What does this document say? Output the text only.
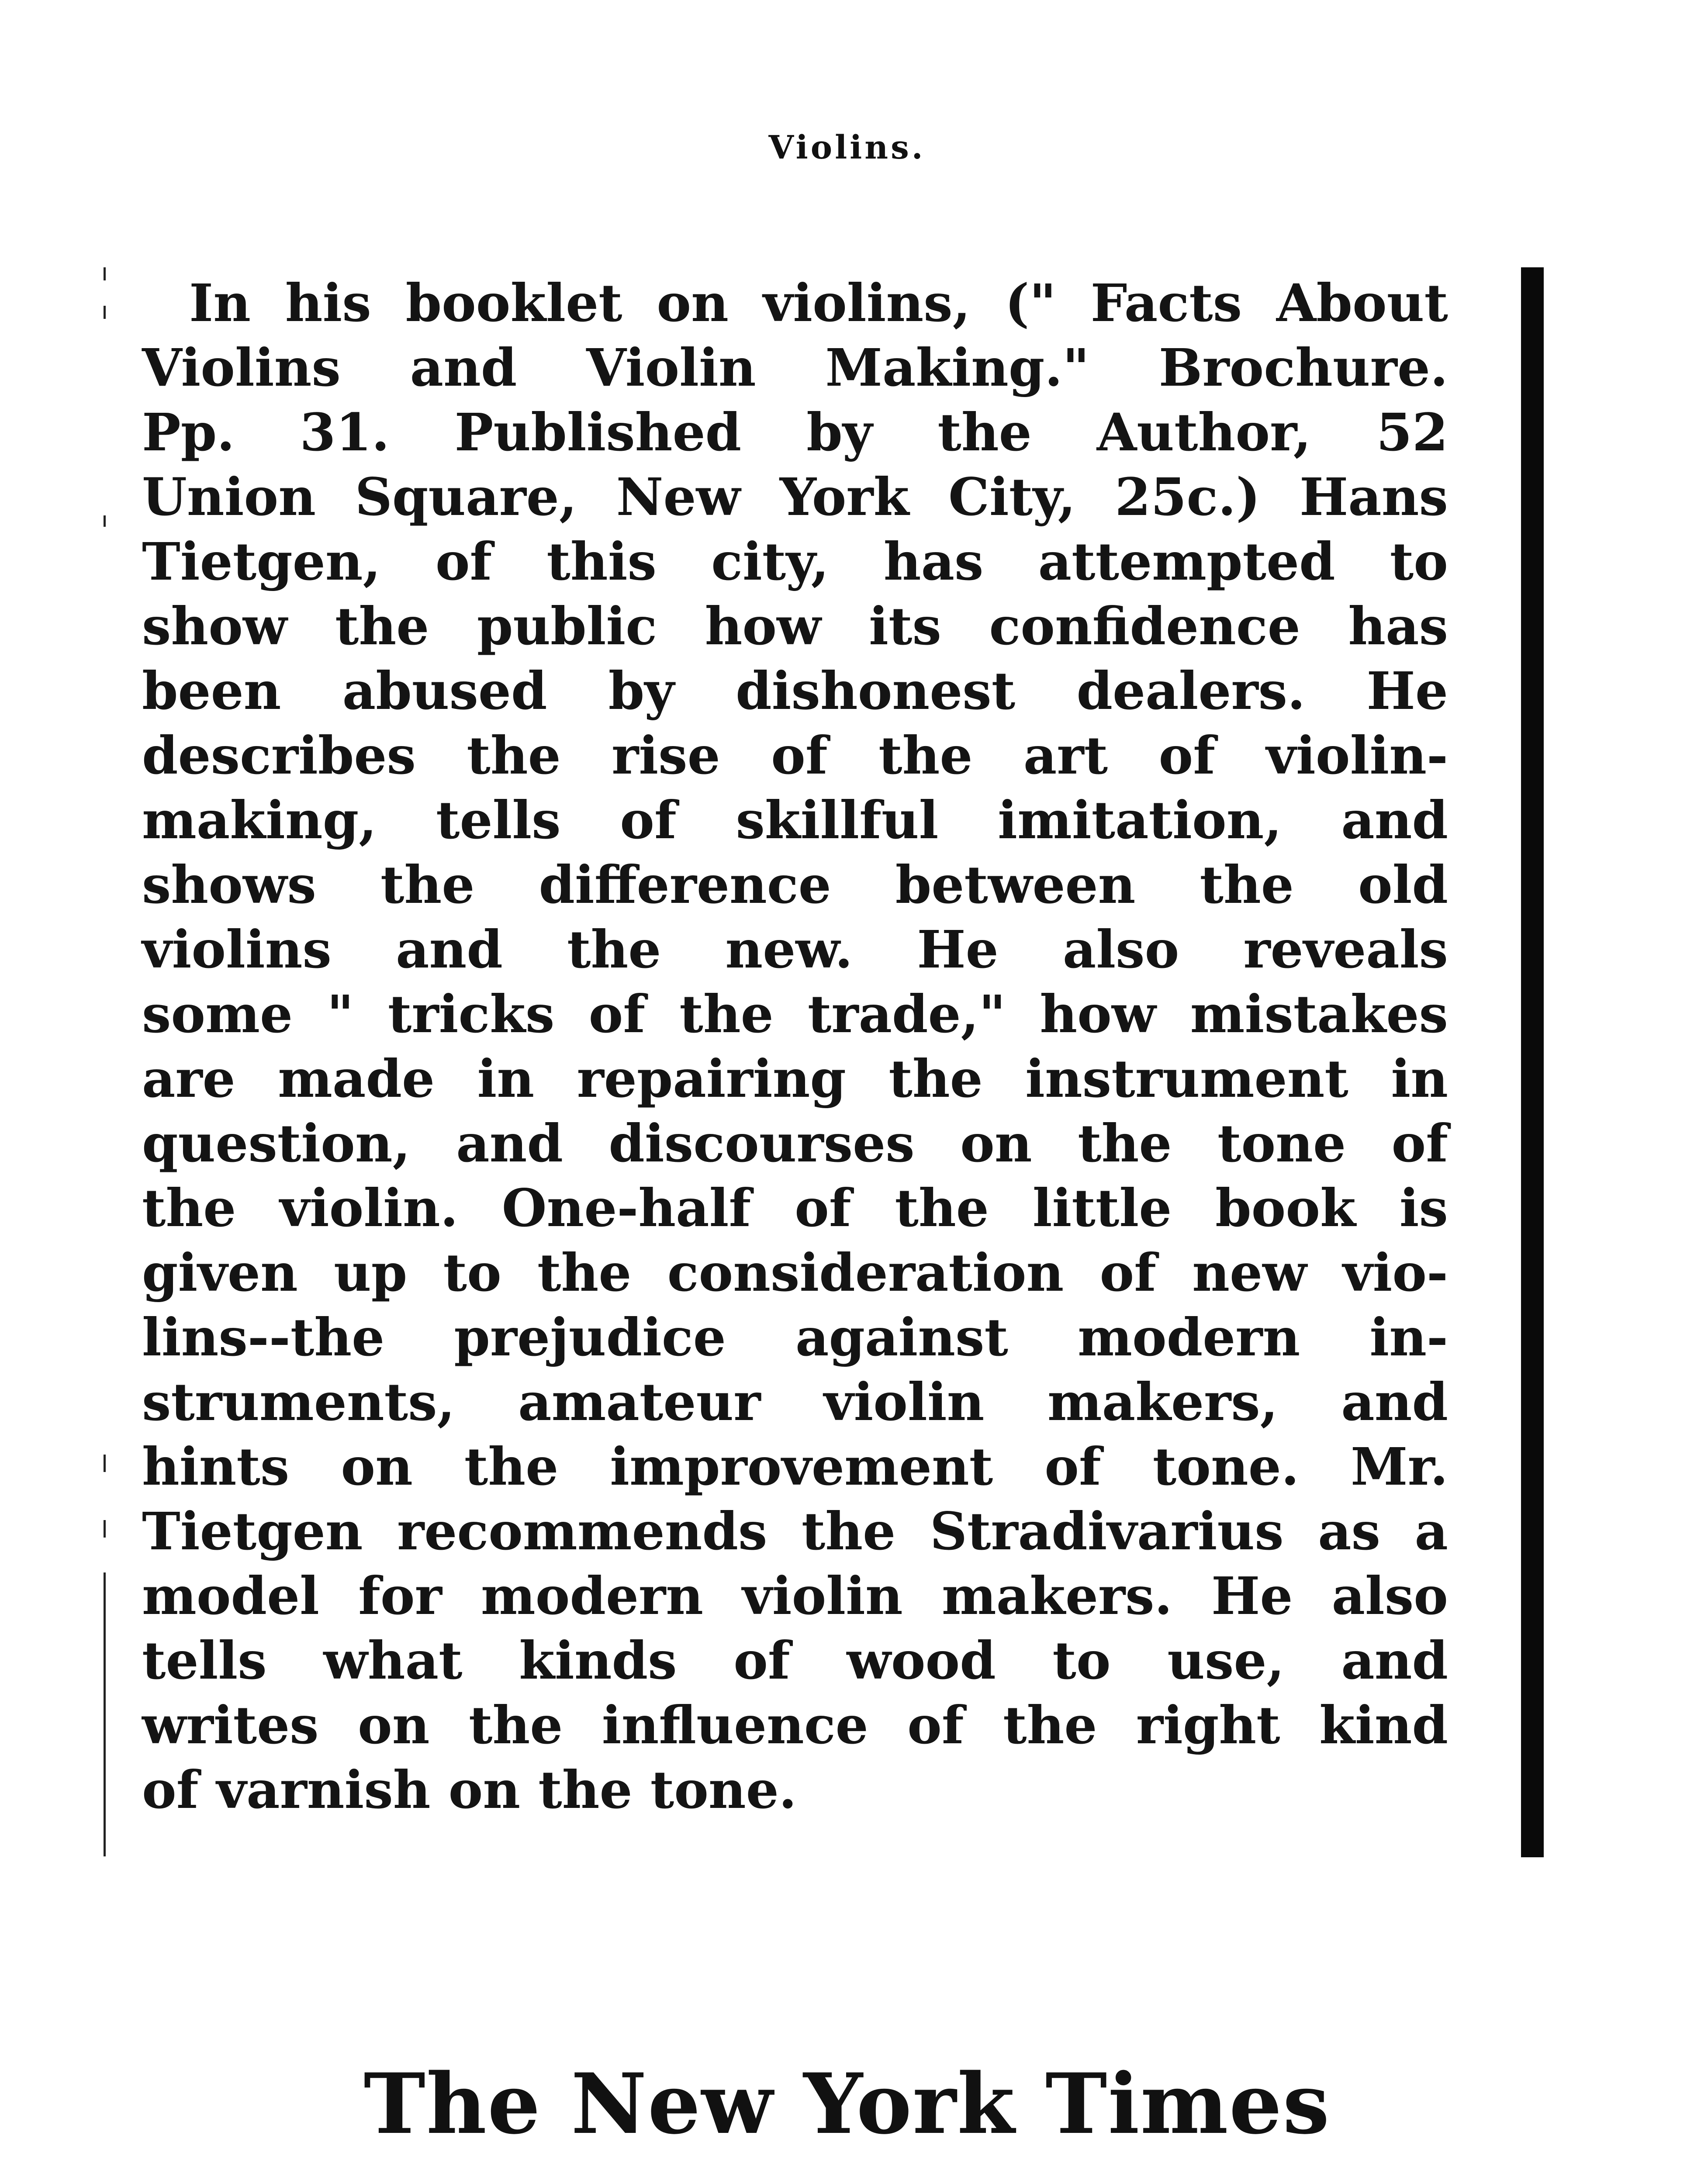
Violins.
In his booklet on violins, (" Facts About
Violins and Violin Making." Brochure.
Pp. 31. Published by the Author, 52
Union Square, New York City, 25c.) Hans
Tietgen, of this city, has attempted to
show the public how its confidence has
been abused by dishonest dealers. He
describes the rise of the art of violin-
making, tells of skillful imitation, and
shows the difference between the old
violins and the new. He also reveals
some " tricks of the trade," how mistakes
are made in repairing the instrument in
question, and discourses on the tone of
the violin. One-half of the little book is
given up to the consideration of new vio-
lins--the prejudice against modern in-
struments, amateur violin makers, and
hints on the improvement of tone. Mr.
Tietgen recommends the Stradivarius as a
model for modern violin makers. He also
tells what kinds of wood to use, and
writes on the influence of the right kind
of varnish on the tone.
The New York Times
